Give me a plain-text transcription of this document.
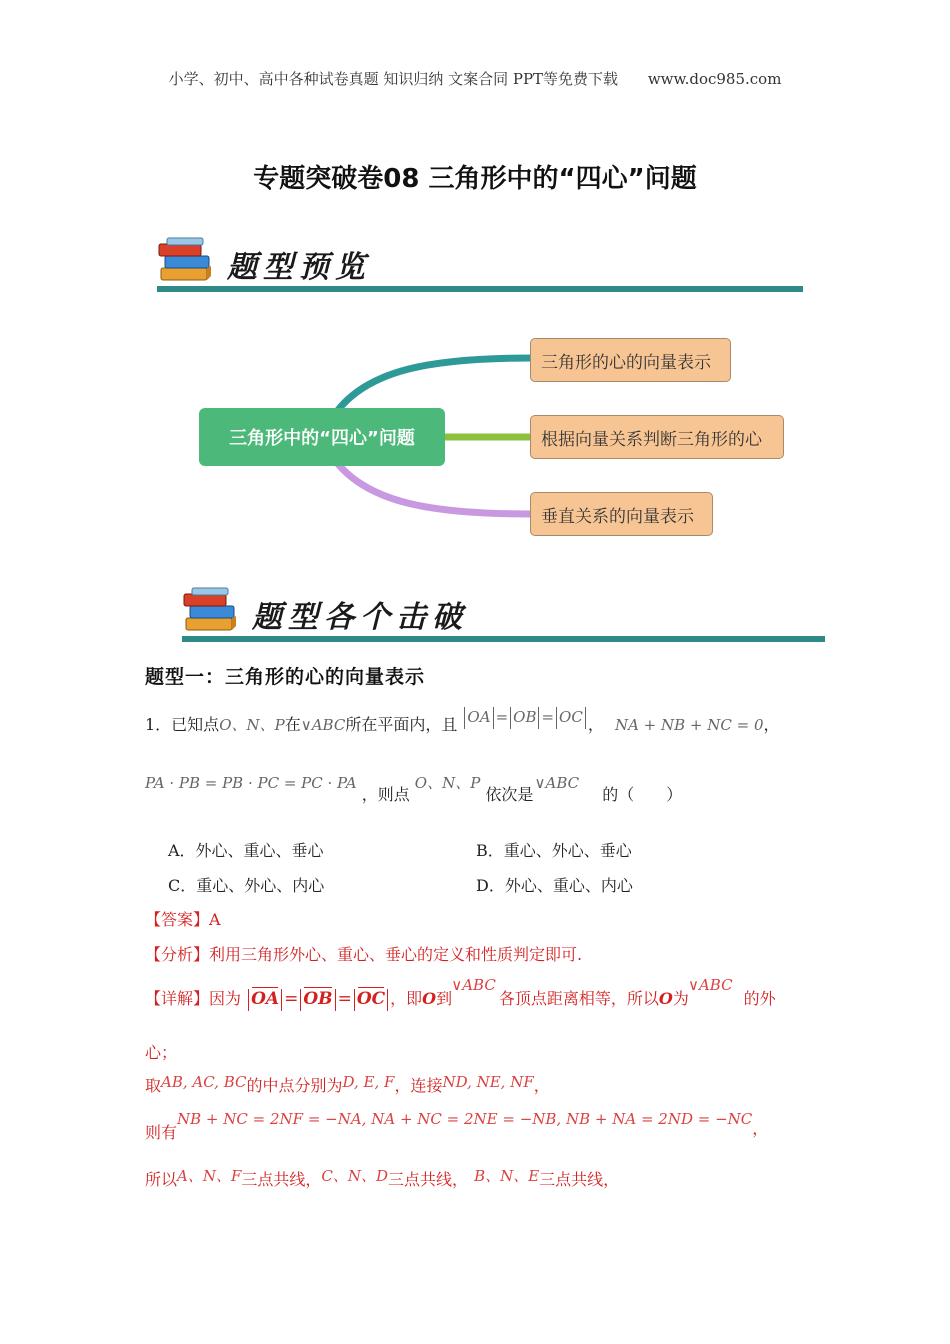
小学、初中、高中各种试卷真题 知识归纳 文案合同 PPT等免费下载 www.doc985.com
专题突破卷08 三角形中的“四心”问题
题型预览
三角形中的“四心”问题
三角形的心的向量表示
根据向量关系判断三角形的心
垂直关系的向量表示
题型各个击破
题型一：三角形的心的向量表示
1．已知点O、N、P在∨ABC所在平面内，且 OA = OB = OC ， NA + NB + NC = 0，
PA · PB = PB · PC = PC · PA ，则点 O、N、P 依次是 ∨ABC 的（　　）
A．外心、重心、垂心	B．重心、外心、垂心
C．重心、外心、内心	D．外心、重心、内心
【答案】A
【分析】利用三角形外心、重心、垂心的定义和性质判定即可.
【详解】因为 OA = OB = OC ，即O到 ∨ABC 各顶点距离相等，所以O为 ∨ABC 的外
心；
取AB, AC, BC的中点分别为D, E, F，连接ND, NE, NF，
则有NB + NC = 2NF = −NA, NA + NC = 2NE = −NB, NB + NA = 2ND = −NC，
所以A、N、F三点共线，C、N、D三点共线， B、N、E三点共线，
